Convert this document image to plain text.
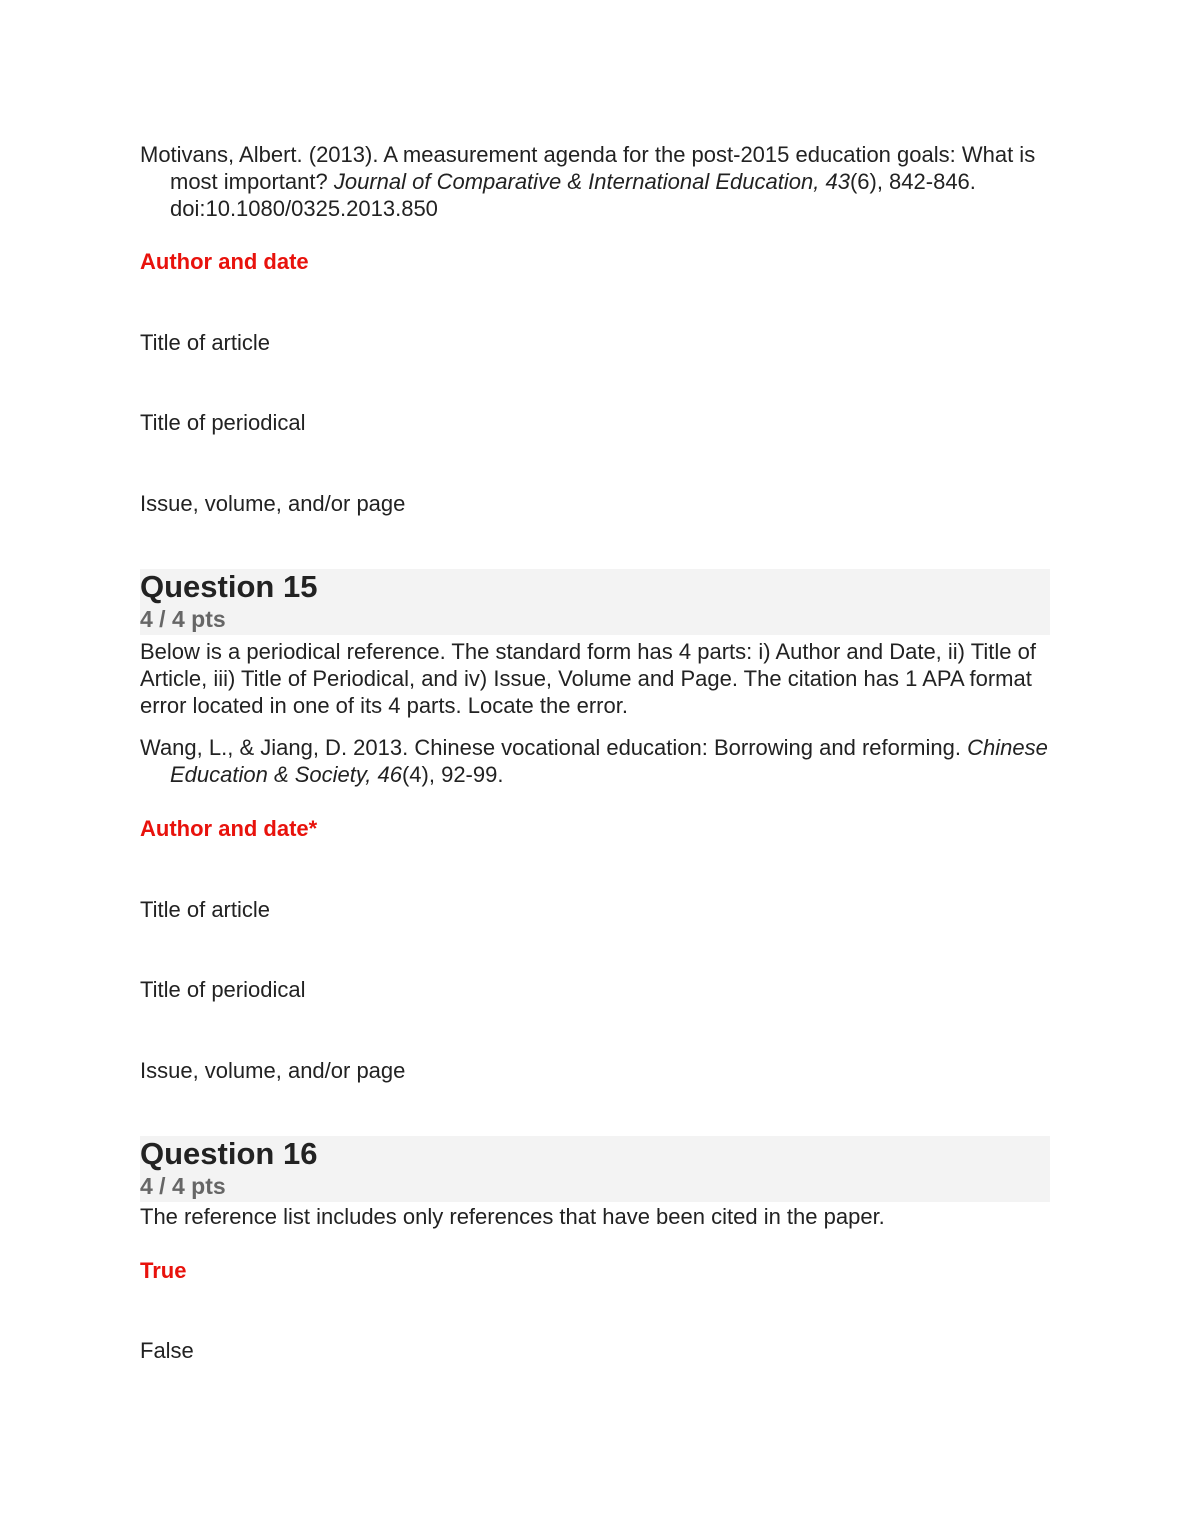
Motivans, Albert. (2013). A measurement agenda for the post-2015 education goals: What is most important? Journal of Comparative & International Education, 43(6), 842-846. doi:10.1080/0325.2013.850
Author and date
Title of article
Title of periodical
Issue, volume, and/or page
Question 15
4 / 4 pts
Below is a periodical reference. The standard form has 4 parts: i) Author and Date, ii) Title of Article, iii) Title of Periodical, and iv) Issue, Volume and Page. The citation has 1 APA format error located in one of its 4 parts. Locate the error.
Wang, L., & Jiang, D. 2013. Chinese vocational education: Borrowing and reforming. Chinese Education & Society, 46(4), 92-99.
Author and date*
Title of article
Title of periodical
Issue, volume, and/or page
Question 16
4 / 4 pts
The reference list includes only references that have been cited in the paper.
True
False
